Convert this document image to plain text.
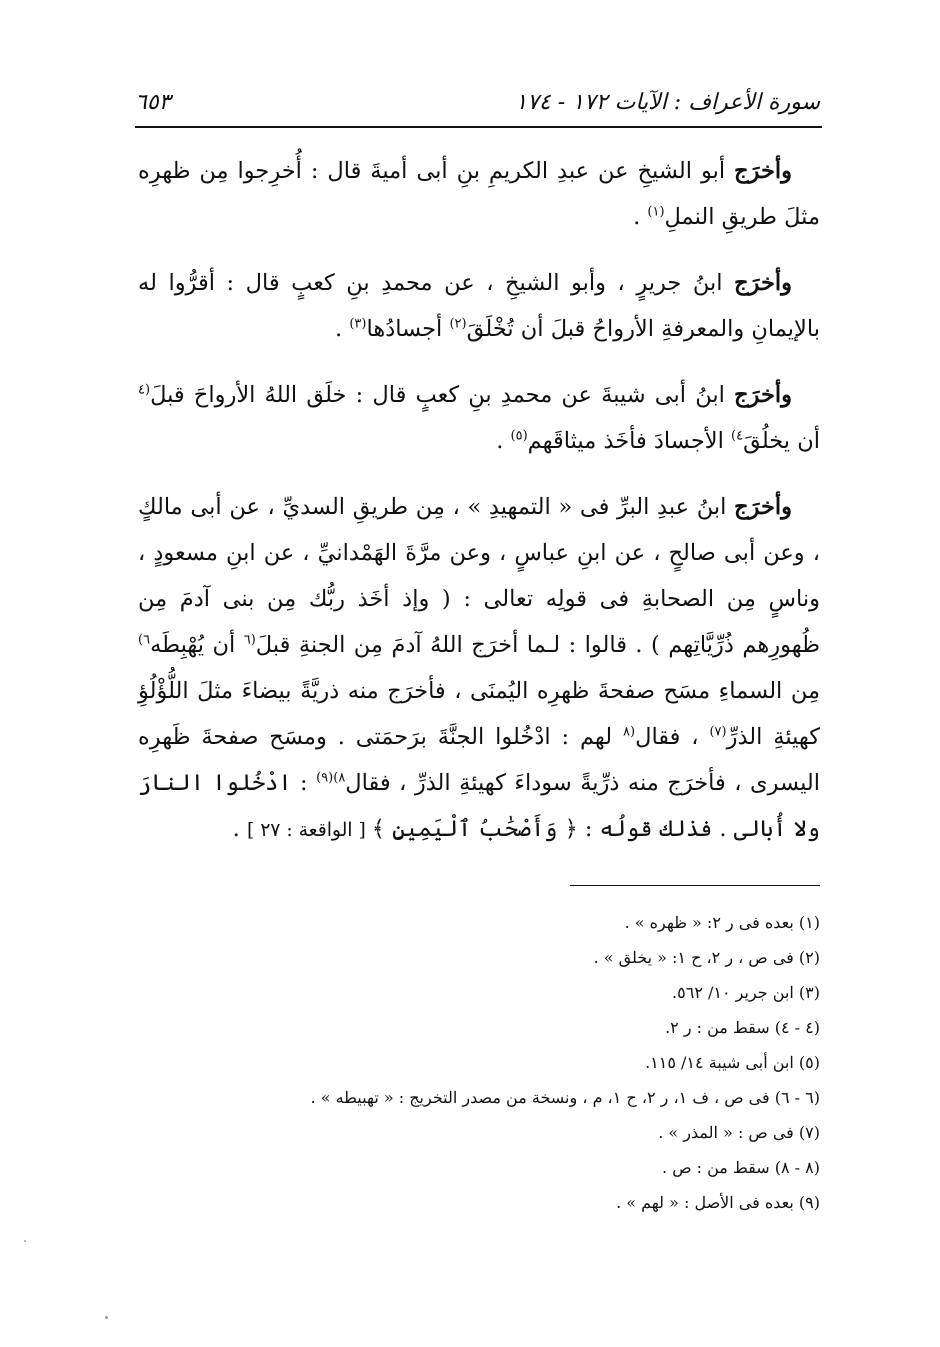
سورة الأعراف : الآيات ١٧٢ - ١٧٤
٦٥٣

وأخرَج أبو الشيخِ عن عبدِ الكريمِ بنِ أبى أميةَ قال : أُخرِجوا مِن ظهرِه مثلَ طريقِ النملِ$^{(١)}$ .

وأخرَج ابنُ جريرٍ ، وأبو الشيخِ ، عن محمدِ بنِ كعبٍ قال : أقرُّوا له بالإيمانِ والمعرفةِ الأرواحُ قبلَ أن تُخْلَقَ$^{(٢)}$ أجسادُها$^{(٣)}$ .

وأخرَج ابنُ أبى شيبةَ عن محمدِ بنِ كعبٍ قال : خلَق اللهُ الأرواحَ قبلَ$^{(٤}$ أن يخلُقَ$^{٤)}$ الأجسادَ فأخَذ ميثاقَهم$^{(٥)}$ .

وأخرَج ابنُ عبدِ البرِّ فى « التمهيدِ » ، مِن طريقِ السديِّ ، عن أبى مالكٍ ، وعن أبى صالحٍ ، عن ابنِ عباسٍ ، وعن مرَّةَ الهَمْدانيِّ ، عن ابنِ مسعودٍ ، وناسٍ مِن الصحابةِ فى قولِه تعالى : ( وإذ أخَذ ربُّك مِن بنى آدمَ مِن ظُهورِهم ذُرِّيَّاتِهم ) . قالوا : لـما أخرَج اللهُ آدمَ مِن الجنةِ قبلَ$^{(٦}$ أن يُهْبِطَه$^{٦)}$ مِن السماءِ مسَح صفحةَ ظهرِه اليُمنَى ، فأخرَج منه ذريَّةً بيضاءَ مثلَ اللُّؤْلُؤِ كهيئةِ الذرِّ$^{(٧)}$ ، فقال$^{(٨}$ لهم : ادْخُلوا الجنَّةَ برَحمَتى . ومسَح صفحةَ ظَهرِه اليسرى ، فأخرَج منه ذرِّيةً سوداءَ كهيئةِ الذرِّ ، فقال$^{٨)(٩)}$ : ادْخُلوا النارَ ولا أُبالى . فذلك قولُه : ﴿ وَأَصْحَٰبُ ٱلْيَمِينِ ﴾ [ الواقعة : ٢٧ ] .

(١) بعده فى ر ٢: « ظهره » .

(٢) فى ص ، ر ٢، ح ١: « يخلق » .

(٣) ابن جرير ١٠/ ٥٦٢.

(٤ - ٤) سقط من : ر ٢.

(٥) ابن أبى شيبة ١٤/ ١١٥.

(٦ - ٦) فى ص ، ف ١، ر ٢، ح ١، م ، ونسخة من مصدر التخريج : « تهبيطه » .

(٧) فى ص : « المذر » .

(٨ - ٨) سقط من : ص .

(٩) بعده فى الأصل : « لهم » .
